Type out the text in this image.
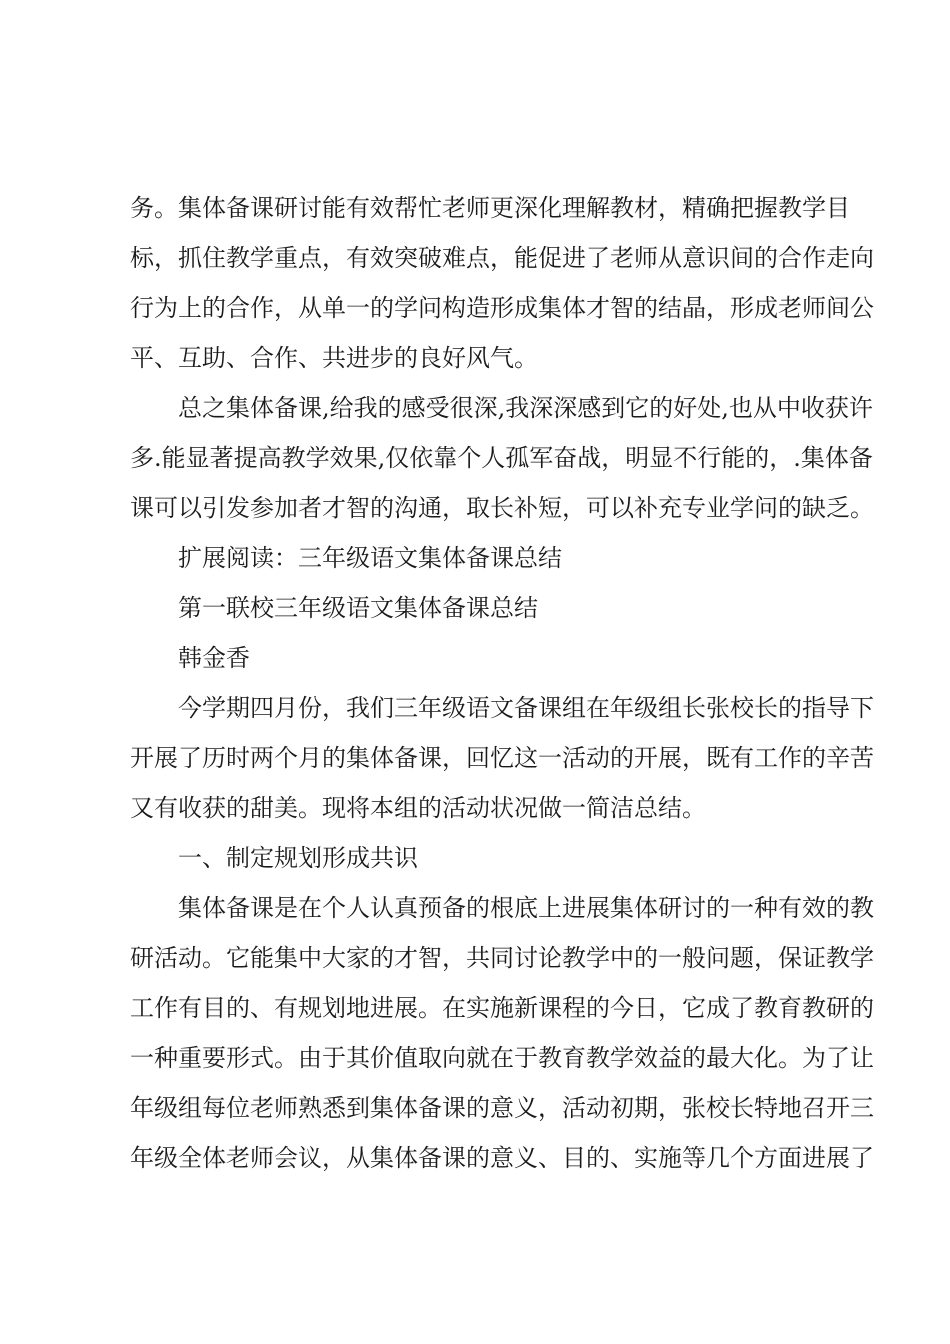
务。集体备课研讨能有效帮忙老师更深化理解教材，精确把握教学目
标，抓住教学重点，有效突破难点，能促进了老师从意识间的合作走向
行为上的合作，从单一的学问构造形成集体才智的结晶，形成老师间公
平、互助、合作、共进步的良好风气。
总之集体备课,给我的感受很深,我深深感到它的好处,也从中收获许
多.能显著提高教学效果,仅依靠个人孤军奋战，明显不行能的，.集体备
课可以引发参加者才智的沟通，取长补短，可以补充专业学问的缺乏。
扩展阅读：三年级语文集体备课总结
第一联校三年级语文集体备课总结
韩金香
今学期四月份，我们三年级语文备课组在年级组长张校长的指导下
开展了历时两个月的集体备课，回忆这一活动的开展，既有工作的辛苦
又有收获的甜美。现将本组的活动状况做一简洁总结。
一、制定规划形成共识
集体备课是在个人认真预备的根底上进展集体研讨的一种有效的教
研活动。它能集中大家的才智，共同讨论教学中的一般问题，保证教学
工作有目的、有规划地进展。在实施新课程的今日，它成了教育教研的
一种重要形式。由于其价值取向就在于教育教学效益的最大化。为了让
年级组每位老师熟悉到集体备课的意义，活动初期，张校长特地召开三
年级全体老师会议，从集体备课的意义、目的、实施等几个方面进展了
